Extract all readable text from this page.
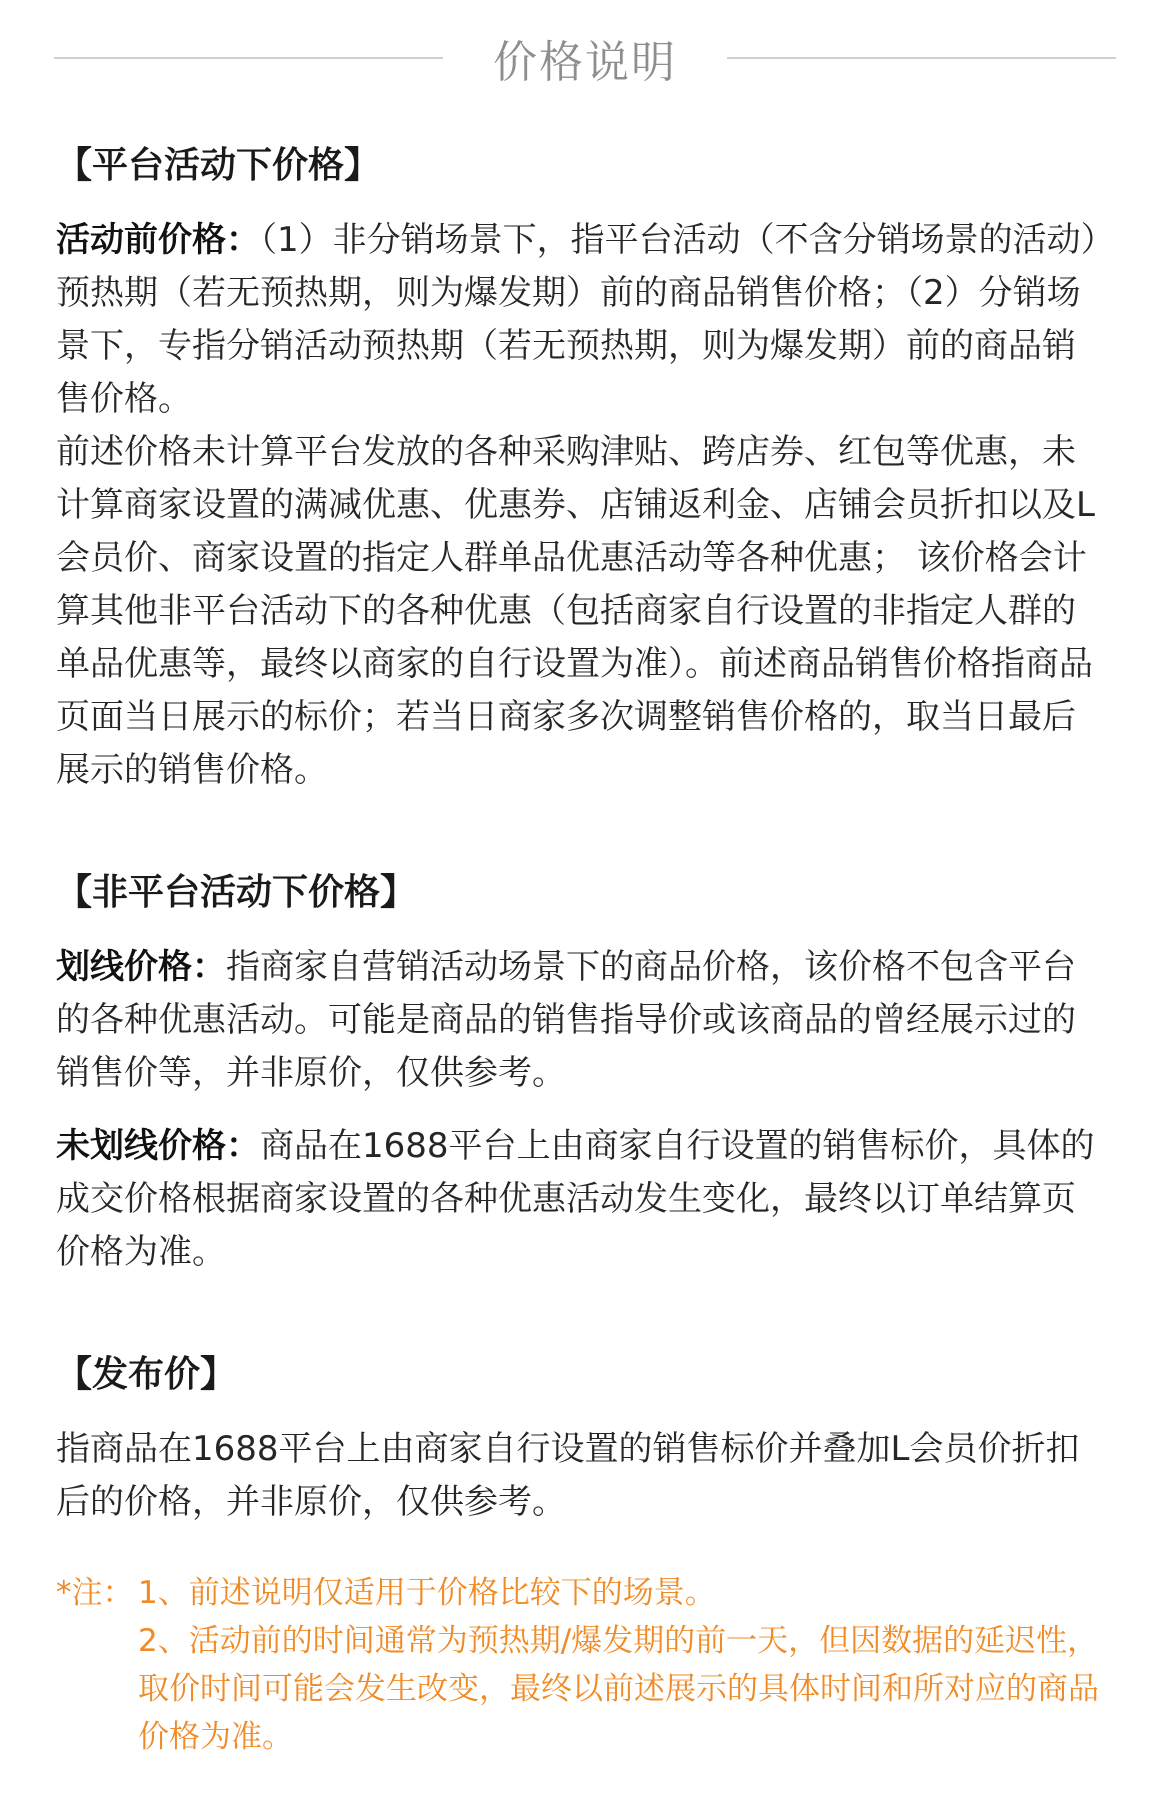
价格说明
【平台活动下价格】

活动前价格：（1）非分销场景下，指平台活动（不含分销场景的活动）预热期（若无预热期，则为爆发期）前的商品销售价格；（2）分销场景下，专指分销活动预热期（若无预热期，则为爆发期）前的商品销售价格。

前述价格未计算平台发放的各种采购津贴、跨店券、红包等优惠，未计算商家设置的满减优惠、优惠券、店铺返利金、店铺会员折扣以及L会员价、商家设置的指定人群单品优惠活动等各种优惠； 该价格会计算其他非平台活动下的各种优惠（包括商家自行设置的非指定人群的单品优惠等，最终以商家的自行设置为准）。前述商品销售价格指商品页面当日展示的标价；若当日商家多次调整销售价格的，取当日最后展示的销售价格。

【非平台活动下价格】

划线价格：指商家自营销活动场景下的商品价格，该价格不包含平台的各种优惠活动。可能是商品的销售指导价或该商品的曾经展示过的销售价等，并非原价，仅供参考。

未划线价格：商品在1688平台上由商家自行设置的销售标价，具体的成交价格根据商家设置的各种优惠活动发生变化，最终以订单结算页价格为准。

【发布价】

指商品在1688平台上由商家自行设置的销售标价并叠加L会员价折扣后的价格，并非原价，仅供参考。

*注： 1、前述说明仅适用于价格比较下的场景。
2、活动前的时间通常为预热期/爆发期的前一天，但因数据的延迟性，取价时间可能会发生改变，最终以前述展示的具体时间和所对应的商品价格为准。
